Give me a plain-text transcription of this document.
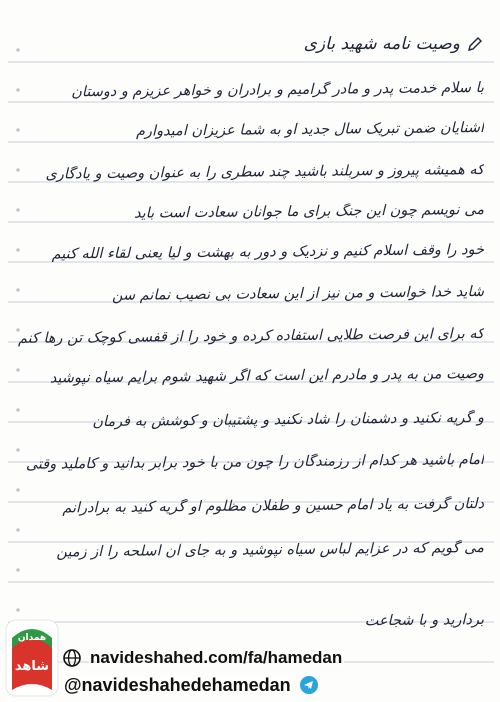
وصیت نامه شهید بازی
با سلام خدمت پدر و مادر گرامیم و برادران و خواهر عزیزم و دوستان
آشنایان ضمن تبریک سال جدید او به شما عزیزان امیدوارم
که همیشه پیروز و سربلند باشید چند سطری را به عنوان وصیت و یادگاری
می نویسم چون این جنگ برای ما جوانان سعادت است باید
خود را وقف اسلام کنیم و نزدیک و دور به بهشت و لیا یعنی لقاء الله کنیم
شاید خدا خواست و من نیز از این سعادت بی نصیب نمانم سن
که برای این فرصت طلایی استفاده کرده و خود را از قفسی کوچک تن رها کنم
وصیت من به پدر و مادرم این است که اگر شهید شوم برایم سیاه نپوشید
و گریه نکنید و دشمنان را شاد نکنید و پشتیبان و کوشش به فرمان
امام باشید هر کدام از رزمندگان را چون من با خود برابر بدانید و کاملید وقتی
دلتان گرفت به یاد امام حسین و طفلان مظلوم او گریه کنید به برادرانم
می گویم که در عزایم لباس سیاه نپوشید و به جای آن اسلحه را از زمین
بردارید و با شجاعت
همدان
شاهد navideshahed.com/fa/hamedan
@navideshahedehamedan
